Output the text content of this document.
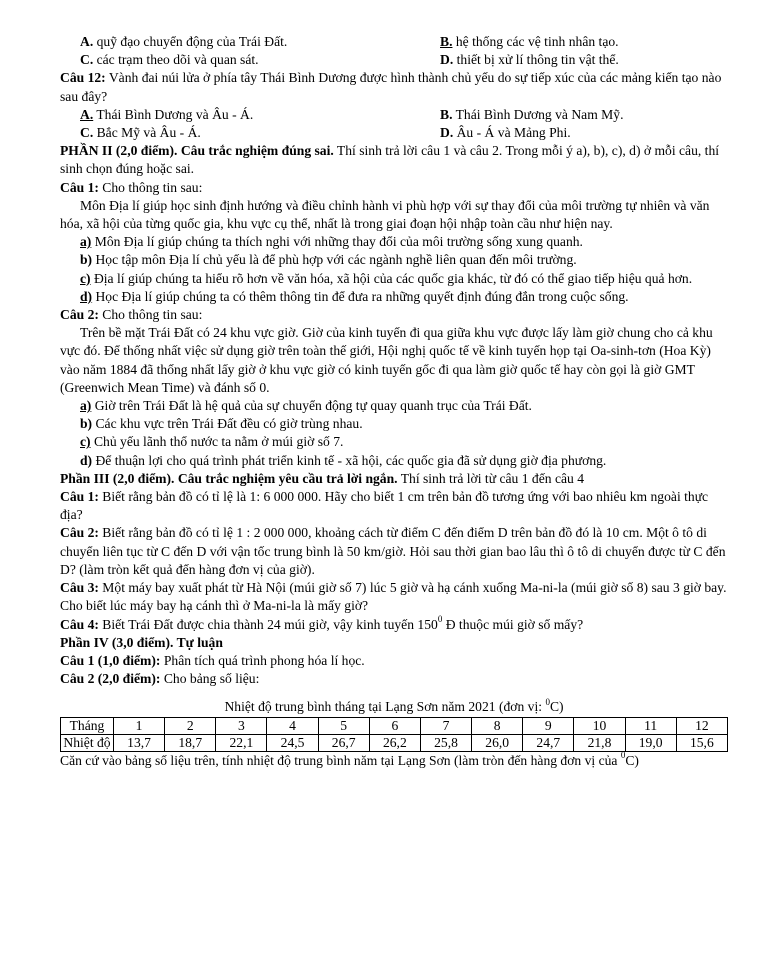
A. quỹ đạo chuyển động của Trái Đất.	B. hệ thống các vệ tinh nhân tạo.
C. các trạm theo dõi và quan sát.	D. thiết bị xử lí thông tin vật thể.

Câu 12: Vành đai núi lửa ở phía tây Thái Bình Dương được hình thành chủ yếu do sự tiếp xúc của các mảng kiến tạo nào sau đây?

A. Thái Bình Dương và Âu - Á.	B. Thái Bình Dương và Nam Mỹ.
C. Bắc Mỹ và Âu - Á.	D. Âu - Á và Mảng Phi.

PHẦN II (2,0 điểm). Câu trắc nghiệm đúng sai. Thí sinh trả lời câu 1 và câu 2. Trong mỗi ý a), b), c), d) ở mỗi câu, thí sinh chọn đúng hoặc sai.

Câu 1: Cho thông tin sau:

Môn Địa lí giúp học sinh định hướng và điều chỉnh hành vi phù hợp với sự thay đổi của môi trường tự nhiên và văn hóa, xã hội của từng quốc gia, khu vực cụ thể, nhất là trong giai đoạn hội nhập toàn cầu như hiện nay.

a) Môn Địa lí giúp chúng ta thích nghi với những thay đổi của môi trường sống xung quanh.

b) Học tập môn Địa lí chủ yếu là để phù hợp với các ngành nghề liên quan đến môi trường.

c) Địa lí giúp chúng ta hiểu rõ hơn về văn hóa, xã hội của các quốc gia khác, từ đó có thể giao tiếp hiệu quả hơn.

d) Học Địa lí giúp chúng ta có thêm thông tin để đưa ra những quyết định đúng đắn trong cuộc sống.

Câu 2: Cho thông tin sau:

Trên bề mặt Trái Đất có 24 khu vực giờ. Giờ của kinh tuyến đi qua giữa khu vực được lấy làm giờ chung cho cả khu vực đó. Để thống nhất việc sử dụng giờ trên toàn thế giới, Hội nghị quốc tế về kinh tuyến họp tại Oa-sinh-tơn (Hoa Kỳ) vào năm 1884 đã thống nhất lấy giờ ở khu vực giờ có kinh tuyến gốc đi qua làm giờ quốc tế hay còn gọi là giờ GMT (Greenwich Mean Time) và đánh số 0.

a) Giờ trên Trái Đất là hệ quả của sự chuyển động tự quay quanh trục của Trái Đất.

b) Các khu vực trên Trái Đất đều có giờ trùng nhau.

c) Chủ yếu lãnh thổ nước ta nằm ở múi giờ số 7.

d) Để thuận lợi cho quá trình phát triển kinh tế - xã hội, các quốc gia đã sử dụng giờ địa phương.

Phần III (2,0 điểm). Câu trắc nghiệm yêu cầu trả lời ngắn. Thí sinh trả lời từ câu 1 đến câu 4

Câu 1: Biết rằng bản đồ có tỉ lệ là 1: 6 000 000. Hãy cho biết 1 cm trên bản đồ tương ứng với bao nhiêu km ngoài thực địa?

Câu 2: Biết rằng bản đồ có tỉ lệ 1 : 2 000 000, khoảng cách từ điểm C đến điểm D trên bản đồ đó là 10 cm. Một ô tô di chuyển liên tục từ C đến D với vận tốc trung bình là 50 km/giờ. Hỏi sau thời gian bao lâu thì ô tô di chuyển được từ C đến D? (làm tròn kết quả đến hàng đơn vị của giờ).

Câu 3: Một máy bay xuất phát từ Hà Nội (múi giờ số 7) lúc 5 giờ và hạ cánh xuống Ma-ni-la (múi giờ số 8) sau 3 giờ bay. Cho biết lúc máy bay hạ cánh thì ở Ma-ni-la là mấy giờ?

Câu 4: Biết Trái Đất được chia thành 24 múi giờ, vậy kinh tuyến $150^0$ Đ thuộc múi giờ số mấy?

Phần IV (3,0 điểm). Tự luận

Câu 1 (1,0 điểm): Phân tích quá trình phong hóa lí học.

Câu 2 (2,0 điểm): Cho bảng số liệu:

Nhiệt độ trung bình tháng tại Lạng Sơn năm 2021 (đơn vị: $^0$C)

Tháng	1	2	3	4	5	6	7	8	9	10	11	12
Nhiệt độ	13,7	18,7	22,1	24,5	26,7	26,2	25,8	26,0	24,7	21,8	19,0	15,6

Căn cứ vào bảng số liệu trên, tính nhiệt độ trung bình năm tại Lạng Sơn (làm tròn đến hàng đơn vị của $^0$C)
